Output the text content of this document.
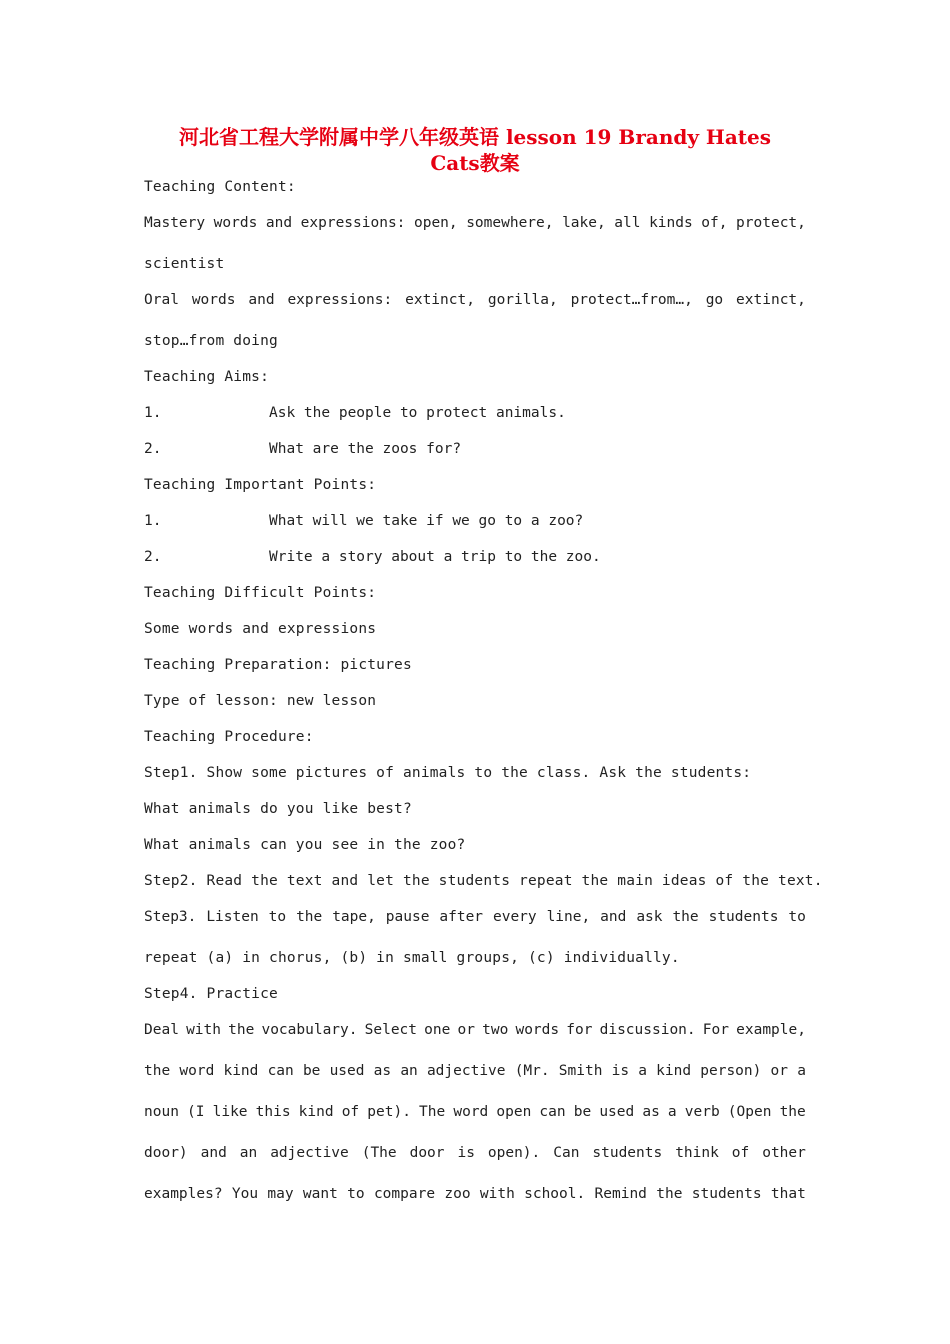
河北省工程大学附属中学八年级英语 lesson 19 Brandy Hates
Cats教案
Teaching Content:
Mastery words and expressions: open, somewhere, lake, all kinds of, protect,
scientist
Oral words and expressions: extinct, gorilla, protect…from…, go extinct,
stop…from doing
Teaching Aims:
1.	Ask the people to protect animals.
2.	What are the zoos for?
Teaching Important Points:
1.	What will we take if we go to a zoo?
2.	Write a story about a trip to the zoo.
Teaching Difficult Points:
Some words and expressions
Teaching Preparation: pictures
Type of lesson: new lesson
Teaching Procedure:
Step1. Show some pictures of animals to the class. Ask the students:
What animals do you like best?
What animals can you see in the zoo?
Step2. Read the text and let the students repeat the main ideas of the text.
Step3. Listen to the tape, pause after every line, and ask the students to
repeat (a) in chorus, (b) in small groups, (c) individually.
Step4. Practice
Deal with the vocabulary. Select one or two words for discussion. For example,
the word kind can be used as an adjective (Mr. Smith is a kind person) or a
noun (I like this kind of pet). The word open can be used as a verb (Open the
door) and an adjective (The door is open). Can students think of other
examples? You may want to compare zoo with school. Remind the students that
